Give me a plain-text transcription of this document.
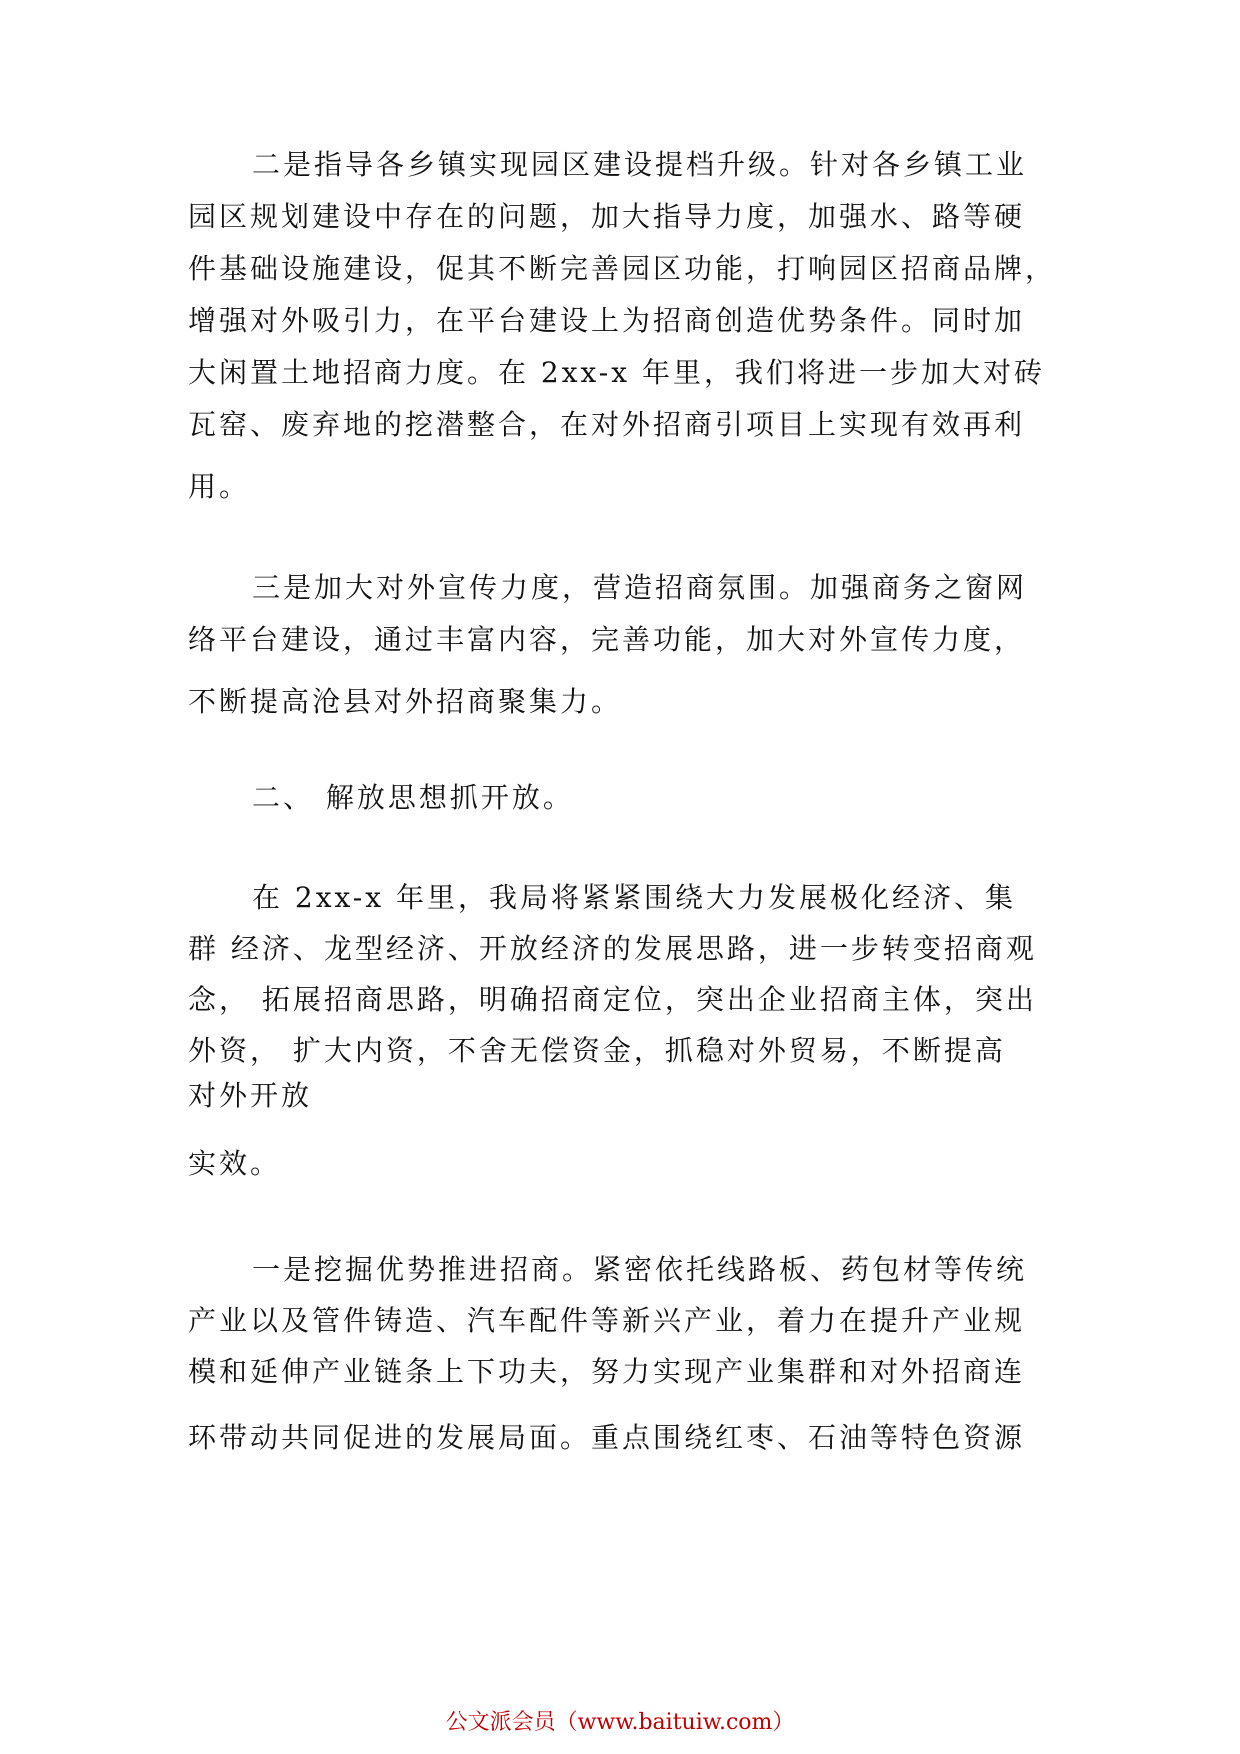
二是指导各乡镇实现园区建设提档升级。针对各乡镇工业

园区规划建设中存在的问题，加大指导力度，加强水、路等硬

件基础设施建设，促其不断完善园区功能，打响园区招商品牌，

增强对外吸引力，在平台建设上为招商创造优势条件。同时加

大闲置土地招商力度。在 2xx-x 年里，我们将进一步加大对砖

瓦窑、废弃地的挖潜整合，在对外招商引项目上实现有效再利

用。

三是加大对外宣传力度，营造招商氛围。加强商务之窗网

络平台建设，通过丰富内容，完善功能，加大对外宣传力度，

不断提高沧县对外招商聚集力。

二、 解放思想抓开放。

在 2xx-x 年里，我局将紧紧围绕大力发展极化经济、集

群 经济、龙型经济、开放经济的发展思路，进一步转变招商观

念， 拓展招商思路，明确招商定位，突出企业招商主体，突出

外资， 扩大内资，不舍无偿资金，抓稳对外贸易，不断提高

对外开放

实效。

一是挖掘优势推进招商。紧密依托线路板、药包材等传统

产业以及管件铸造、汽车配件等新兴产业，着力在提升产业规

模和延伸产业链条上下功夫，努力实现产业集群和对外招商连

环带动共同促进的发展局面。重点围绕红枣、石油等特色资源

公文派会员（www.baituiw.com）
